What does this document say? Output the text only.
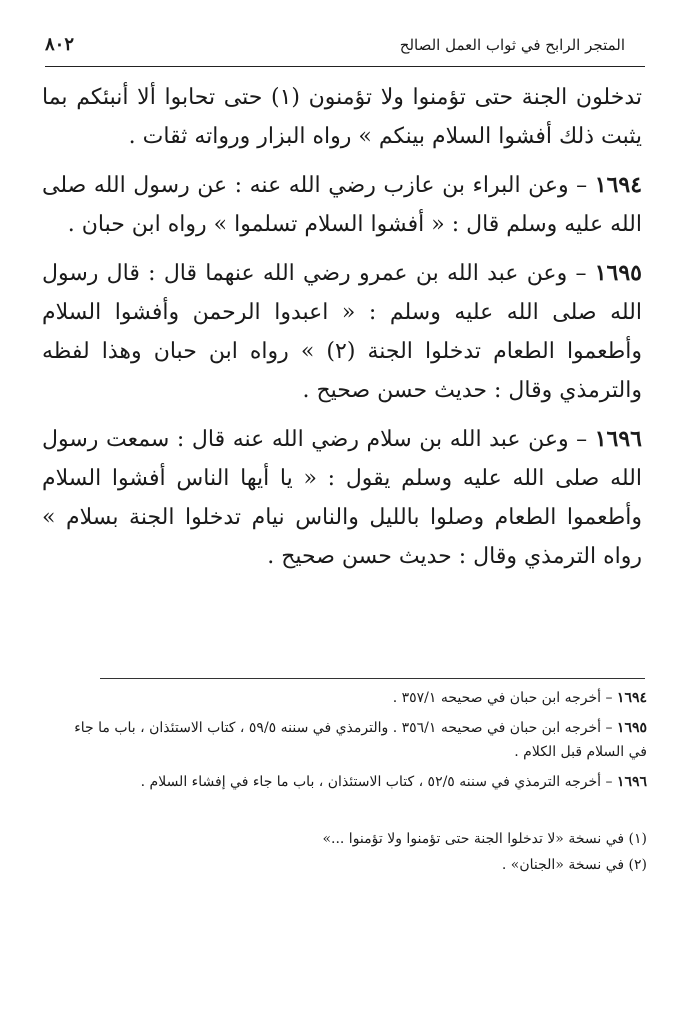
٨٠٢	المتجر الرابح في ثواب العمل الصالح

تدخلون الجنة حتى تؤمنوا ولا تؤمنون (١) حتى تحابوا ألا أنبئكم بما يثبت ذلك أفشوا السلام بينكم » رواه البزار ورواته ثقات .

١٦٩٤ – وعن البراء بن عازب رضي الله عنه : عن رسول الله صلى الله عليه وسلم قال : « أفشوا السلام تسلموا » رواه ابن حبان .

١٦٩٥ – وعن عبد الله بن عمرو رضي الله عنهما قال : قال رسول الله صلى الله عليه وسلم : « اعبدوا الرحمن وأفشوا السلام وأطعموا الطعام تدخلوا الجنة (٢) » رواه ابن حبان وهذا لفظه والترمذي وقال : حديث حسن صحيح .

١٦٩٦ – وعن عبد الله بن سلام رضي الله عنه قال : سمعت رسول الله صلى الله عليه وسلم يقول : « يا أيها الناس أفشوا السلام وأطعموا الطعام وصلوا بالليل والناس نيام تدخلوا الجنة بسلام » رواه الترمذي وقال : حديث حسن صحيح .

١٦٩٤ – أخرجه ابن حبان في صحيحه ٣٥٧/١ .

١٦٩٥ – أخرجه ابن حبان في صحيحه ٣٥٦/١ . والترمذي في سننه ٥٩/٥ ، كتاب الاستئذان ، باب ما جاء في السلام قبل الكلام .

١٦٩٦ – أخرجه الترمذي في سننه ٥٢/٥ ، كتاب الاستئذان ، باب ما جاء في إفشاء السلام .

(١) في نسخة «لا تدخلوا الجنة حتى تؤمنوا ولا تؤمنوا ...»

(٢) في نسخة «الجنان» .
